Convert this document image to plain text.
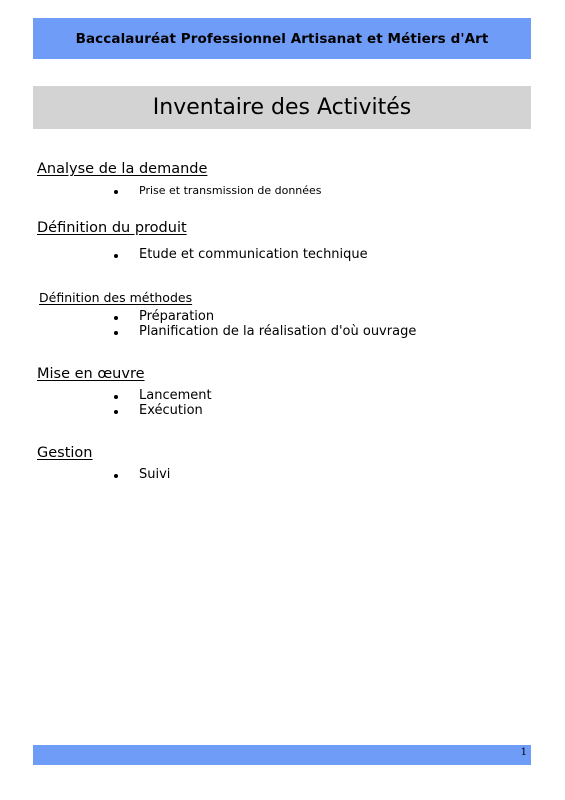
Baccalauréat Professionnel Artisanat et Métiers d'Art
Inventaire des Activités
Analyse de la demande
Prise et transmission de données
Définition du produit
Etude et communication technique
Définition des méthodes
Préparation
Planification de la réalisation d'où ouvrage
Mise en œuvre
Lancement
Exécution
Gestion
Suivi
1
